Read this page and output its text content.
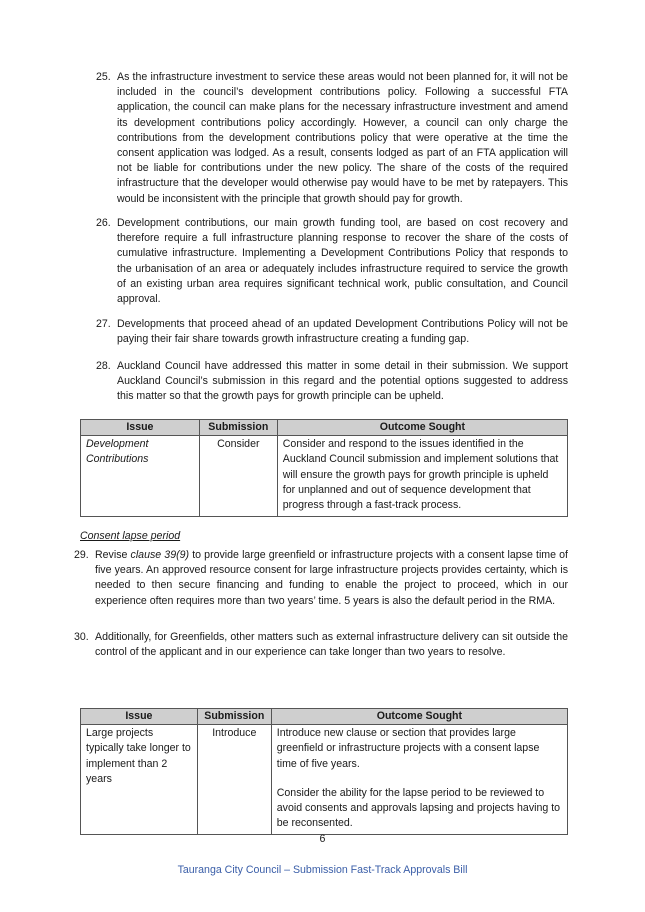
25. As the infrastructure investment to service these areas would not been planned for, it will not be included in the council’s development contributions policy. Following a successful FTA application, the council can make plans for the necessary infrastructure investment and amend its development contributions policy accordingly. However, a council can only charge the contributions from the development contributions policy that were operative at the time the consent application was lodged. As a result, consents lodged as part of an FTA application will not be liable for contributions under the new policy. The share of the costs of the required infrastructure that the developer would otherwise pay would have to be met by ratepayers. This would be inconsistent with the principle that growth should pay for growth.
26. Development contributions, our main growth funding tool, are based on cost recovery and therefore require a full infrastructure planning response to recover the share of the costs of cumulative infrastructure. Implementing a Development Contributions Policy that responds to the urbanisation of an area or adequately includes infrastructure required to service the growth of an existing urban area requires significant technical work, public consultation, and Council approval.
27. Developments that proceed ahead of an updated Development Contributions Policy will not be paying their fair share towards growth infrastructure creating a funding gap.
28. Auckland Council have addressed this matter in some detail in their submission. We support Auckland Council’s submission in this regard and the potential options suggested to address this matter so that the growth pays for growth principle can be upheld.
Issue	Submission	Outcome Sought
Development
Contributions	Consider	Consider and respond to the issues identified in the Auckland Council submission and implement solutions that will ensure the growth pays for growth principle is upheld for unplanned and out of sequence development that progress through a fast-track process.
Consent lapse period
29. Revise clause 39(9) to provide large greenfield or infrastructure projects with a consent lapse time of five years. An approved resource consent for large infrastructure projects provides certainty, which is needed to then secure financing and funding to enable the project to proceed, which in our experience often requires more than two years’ time. 5 years is also the default period in the RMA.
30. Additionally, for Greenfields, other matters such as external infrastructure delivery can sit outside the control of the applicant and in our experience can take longer than two years to resolve.
Issue	Submission	Outcome Sought
Large projects typically take longer to implement than 2 years	Introduce	Introduce new clause or section that provides large greenfield or infrastructure projects with a consent lapse time of five years.
Consider the ability for the lapse period to be reviewed to avoid consents and approvals lapsing and projects having to be reconsented.
6
Tauranga City Council – Submission Fast-Track Approvals Bill
